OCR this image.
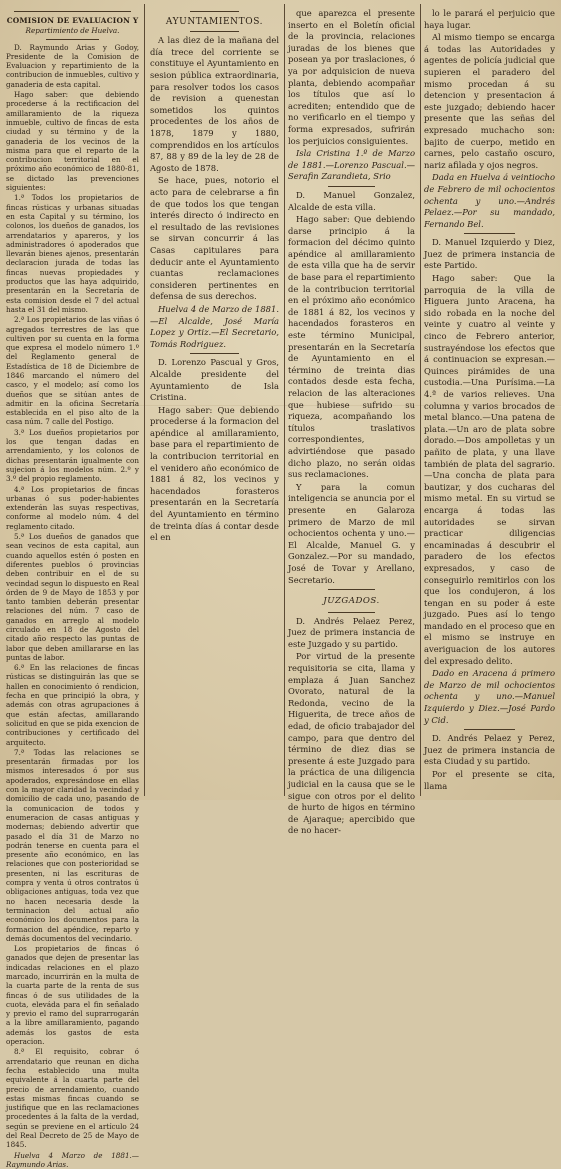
COMISION DE EVALUACION Y
Repartimiento de Huelva.

D. Raymundo Arias y Godoy, Presidente de la Comision de Evaluacion y repartimiento de la contribucion de inmuebles, cultivo y ganaderia de esta capital.

Hago saber: que debiendo procederse á la rectificacion del amillaramiento de la riqueza inmueble, cultivo de fincas de esta ciudad y su término y de la ganaderia de los vecinos de la misma para que el reparto de la contribucion territorial en el próximo año económico de 1880-81, se dictado las prevenciones siguientes:

1.ª Todos los propietarios de fincas rústicas y urbanas situadas en esta Capital y su término, los colonos, los dueños de ganados, los arrendatarios y apareros, y los administradores ó apoderados que llevarán bienes ajenos, presentarán declaracion jurada de todas las fincas nuevas propiedades y productos que las haya adquirido, presentarán en la Secretaría de esta comision desde el 7 del actual hasta el 31 del mismo.

2.ª Los propietarios de las viñas ó agregados terrestres de las que cultiven por su cuenta en la forma que expresa el modelo número 1.º del Reglamento general de Estadística de 18 de Diciembre de 1846 marcando el número del casco, y el modelo; así como los dueños que se sitúan antes de admitir en la oficina Secretaría establecida en el piso alto de la casa núm. 7 calle del Postigo.

3.ª Los dueños propietarios por los que tengan dadas en arrendamiento, y los colonos de dichas presentarán igualmente con sujecion á los modelos núm. 2.º y 3.º del propio reglamento.

4.ª Los propietarios de fincas urbanas ó sus poder-habientes extenderán las suyas respectivas, conforme al modelo núm. 4 del reglamento citado.

5.ª Los dueños de ganados que sean vecinos de esta capital, aun cuando aquellos estén ó posten en diferentes pueblos ó provincias deben contribuir en el de su vecindad segun lo dispuesto en Real órden de 9 de Mayo de 1853 y por tanto tambien deberán presentar relaciones del núm. 7 caso de ganados en arreglo al modelo circulado en 18 de Agosto del citado año respecto las puntas de labor que deben amillararse en las puntas de labor.

6.ª En las relaciones de fincas rústicas se distinguirán las que se hallen en conocimiento ó rendicion, fecha en que principió la obra, y además con otras agrupaciones á que están afectas, amillarando solicitud en que se pida exencion de contribuciones y certificado del arquitecto.

7.ª Todas las relaciones se presentarán firmadas por los mismos interesados ó por sus apoderados, expresándose en ellas con la mayor claridad la vecindad y domicilio de cada uno, pasando de la comunicacion de todos y enumeracion de casas antiguas y modernas; debiendo advertir que pasado el día 31 de Marzo no podrán tenerse en cuenta para el presente año económico, en las relaciones que con posterioridad se presenten, ni las escrituras de compra y venta ú otros contratos ú obligaciones antiguas, toda vez que no hacen necesaria desde la terminacion del actual año económico los documentos para la formacion del apéndice, reparto y demás documentos del vecindario.

Los propietarios de fincas ó ganados que dejen de presentar las indicadas relaciones en el plazo marcado, incurrirán en la multa de la cuarta parte de la renta de sus fincas ó de sus utilidades de la cuota, eleváda para el fin señalado y previo el ramo del suprarrogarán a la libre amillaramiento, pagando además los gastos de esta operacion.

8.ª El requisito, cobrar ó arrendatario que reunan en dicha fecha establecido una multa equivalente á la cuarta parte del precio de arrendamiento, cuando estas mismas fincas cuando se justifique que en las reclamaciones procedentes á la falta de la verdad, según se previene en el artículo 24 del Real Decreto de 25 de Mayo de 1845.

Huelva 4 Marzo de 1881.—Raymundo Arias.

AYUNTAMIENTOS.

A las diez de la mañana del día trece del corriente se constituye el Ayuntamiento en sesion pública extraordinaria, para resolver todos los casos de revision a quenestan sometidos los quintos procedentes de los años de 1878, 1879 y 1880, comprendidos en los artículos 87, 88 y 89 de la ley de 28 de Agosto de 1878.

Se hace, pues, notorio el acto para de celebrarse a fin de que todos los que tengan interés directo ó indirecto en el resultado de las revisiones se sirvan concurrir á las Casas capitulares para deducir ante el Ayuntamiento cuantas reclamaciones consideren pertinentes en defensa de sus derechos.

Huelva 4 de Marzo de 1881.—El Alcalde, José María Lopez y Ortiz.—El Secretario, Tomás Rodriguez.

D. Lorenzo Pascual y Gros, Alcalde presidente del Ayuntamiento de Isla Cristina.

Hago saber: Que debiendo procederse á la formacion del apéndice al amillaramiento, base para el repartimiento de la contribucion territorial en el venidero año económico de 1881 á 82, los vecinos y hacendados forasteros presentarán en la Secretaría del Ayuntamiento en término de treinta días á contar desde el en

que aparezca el presente inserto en el Boletín oficial de la provincia, relaciones juradas de los bienes que posean ya por traslaciones, ó ya por adquisicion de nueva planta, debiendo acompañar los títulos que así lo acrediten; entendido que de no verificarlo en el tiempo y forma expresados, sufrirán los perjuicios consiguientes.

Isla Cristina 1.º de Marzo de 1881.—Lorenzo Pascual.—Serafin Zarandieta, Srio

D. Manuel Gonzalez, Alcalde de esta villa.

Hago saber: Que debiendo darse principio á la formacion del décimo quinto apéndice al amillaramiento de esta villa que ha de servir de base para el repartimiento de la contribucion territorial en el próximo año económico de 1881 á 82, los vecinos y hacendados forasteros en este término Municipal, presentarán en la Secretaría de Ayuntamiento en el término de treinta dias contados desde esta fecha, relacion de las alteraciones que hubiese sufrido su riqueza, acompañando los títulos traslativos correspondientes, advirtiéndose que pasado dicho plazo, no serán oidas sus reclamaciones.

Y para la comun inteligencia se anuncia por el presente en Galaroza primero de Marzo de mil ochocientos ochenta y uno.—El Alcalde, Manuel G. y Gonzalez.—Por su mandado, José de Tovar y Arellano, Secretario.

JUZGADOS.

D. Andrés Pelaez Perez, Juez de primera instancia de este Juzgado y su partido.

Por virtud de la presente requisitoria se cita, llama y emplaza á Juan Sanchez Ovorato, natural de la Redonda, vecino de la Higuerita, de trece años de edad, de oficio trabajador del campo, para que dentro del término de diez dias se presente á este Juzgado para la práctica de una diligencia judicial en la causa que se le sigue con otros por el delito de hurto de higos en término de Ajaraque; apercibido que de no hacer-

lo le parará el perjuicio que haya lugar.

Al mismo tiempo se encarga á todas las Autoridades y agentes de policía judicial que supieren el paradero del mismo procedan á su detencion y presentacion á este juzgado; debiendo hacer presente que las señas del expresado muchacho son: bajito de cuerpo, metido en carnes, pelo castaño oscuro, nariz afilada y ojos negros.

Dada en Huelva á veintiocho de Febrero de mil ochocientos ochenta y uno.—Andrés Pelaez.—Por su mandado, Fernando Bel.

D. Manuel Izquierdo y Diez, Juez de primera instancia de este Partido.

Hago saber: Que la parroquia de la villa de Higuera junto Aracena, ha sido robada en la noche del veinte y cuatro al veinte y cinco de Febrero anterior, sustrayéndose los efectos que á continuacion se expresan.—Quinces pirámides de una custodia.—Una Purísima.—La 4.ª de varios relieves. Una columna y varios brocados de metal blanco.—Una patena de plata.—Un aro de plata sobre dorado.—Dos ampolletas y un pañito de plata, y una llave también de plata del sagrario.—Una concha de plata para bautizar, y dos cucharas del mismo metal. En su virtud se encarga á todas las autoridades se sirvan practicar diligencias encaminadas á descubrir el paradero de los efectos expresados, y caso de conseguirlo remitirlos con los que los condujeron, á los tengan en su poder á este juzgado. Pues así lo tengo mandado en el proceso que en el mismo se instruye en averiguacion de los autores del expresado delito.

Dado en Aracena á primero de Marzo de mil ochocientos ochenta y uno.—Manuel Izquierdo y Diez.—José Pardo y Cid.

D. Andrés Pelaez y Perez, Juez de primera instancia de esta Ciudad y su partido.

Por el presente se cita, llama
